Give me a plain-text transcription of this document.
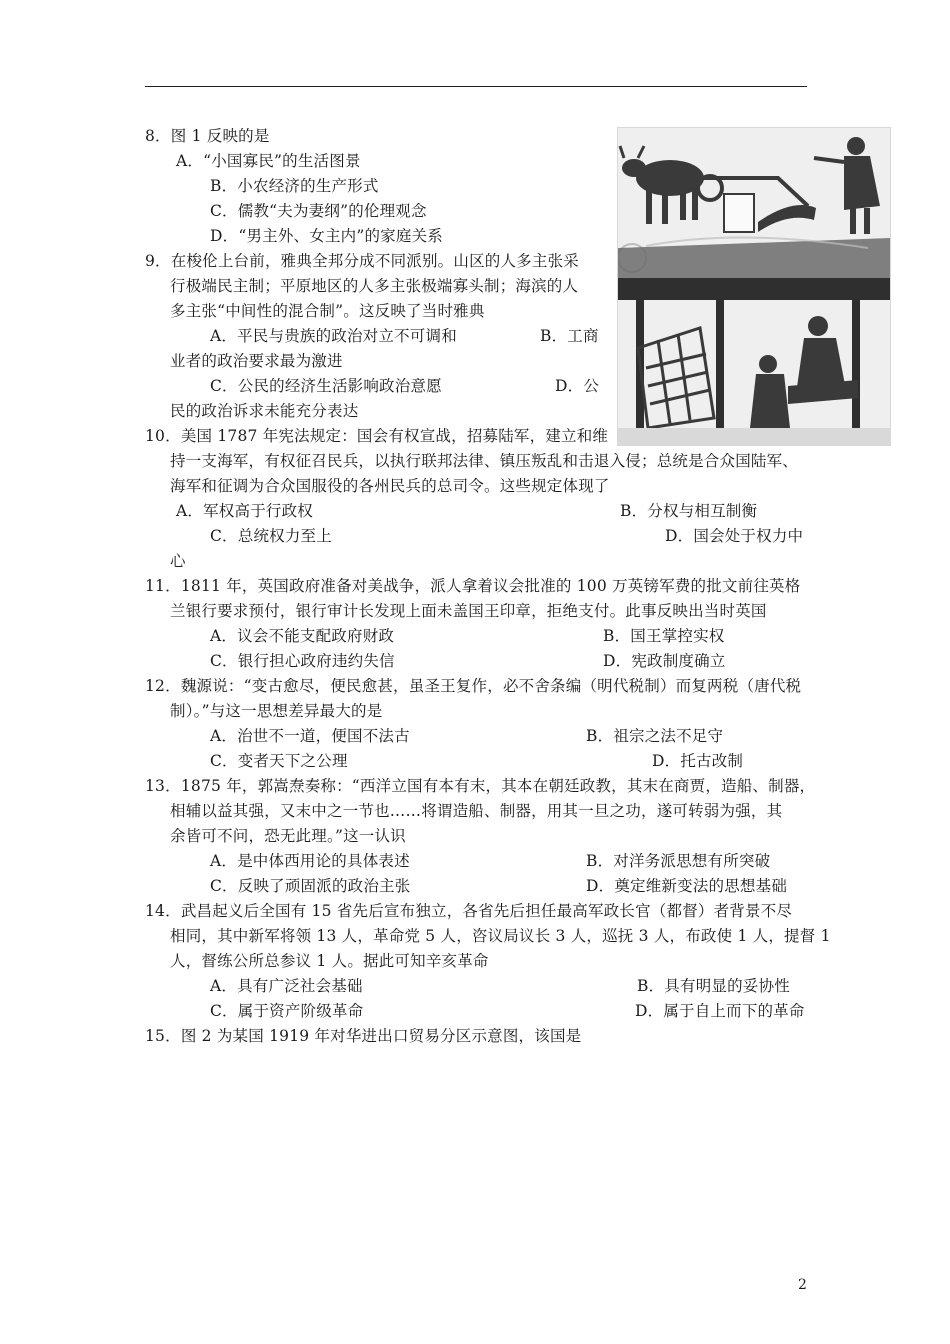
8．图 1 反映的是
A．“小国寡民”的生活图景
B．小农经济的生产形式
C．儒教“夫为妻纲”的伦理观念
D．“男主外、女主内”的家庭关系
9．在梭伦上台前，雅典全邦分成不同派别。山区的人多主张采
行极端民主制；平原地区的人多主张极端寡头制；海滨的人
多主张“中间性的混合制”。这反映了当时雅典
A．平民与贵族的政治对立不可调和	B．工商
业者的政治要求最为激进
C．公民的经济生活影响政治意愿	D．公
民的政治诉求未能充分表达
10．美国 1787 年宪法规定：国会有权宣战，招募陆军，建立和维
持一支海军，有权征召民兵，以执行联邦法律、镇压叛乱和击退入侵；总统是合众国陆军、
海军和征调为合众国服役的各州民兵的总司令。这些规定体现了
A．军权高于行政权	B．分权与相互制衡
C．总统权力至上	D．国会处于权力中
心
11．1811 年，英国政府准备对美战争，派人拿着议会批准的 100 万英镑军费的批文前往英格
兰银行要求预付，银行审计长发现上面未盖国王印章，拒绝支付。此事反映出当时英国
A．议会不能支配政府财政	B．国王掌控实权
C．银行担心政府违约失信	D．宪政制度确立
12．魏源说：“变古愈尽，便民愈甚，虽圣王复作，必不舍条编（明代税制）而复两税（唐代税
制）。”与这一思想差异最大的是
A．治世不一道，便国不法古	B．祖宗之法不足守
C．变者天下之公理	D．托古改制
13．1875 年，郭嵩焘奏称：“西洋立国有本有末，其本在朝廷政教，其末在商贾，造船、制器，
相辅以益其强，又末中之一节也……将谓造船、制器，用其一旦之功，遂可转弱为强，其
余皆可不问，恐无此理。”这一认识
A．是中体西用论的具体表述	B．对洋务派思想有所突破
C．反映了顽固派的政治主张	D．奠定维新变法的思想基础
14．武昌起义后全国有 15 省先后宣布独立，各省先后担任最高军政长官（都督）者背景不尽
相同，其中新军将领 13 人，革命党 5 人，咨议局议长 3 人，巡抚 3 人，布政使 1 人，提督 1
人，督练公所总参议 1 人。据此可知辛亥革命
A．具有广泛社会基础	B．具有明显的妥协性
C．属于资产阶级革命	D．属于自上而下的革命
15．图 2 为某国 1919 年对华进出口贸易分区示意图，该国是
2
